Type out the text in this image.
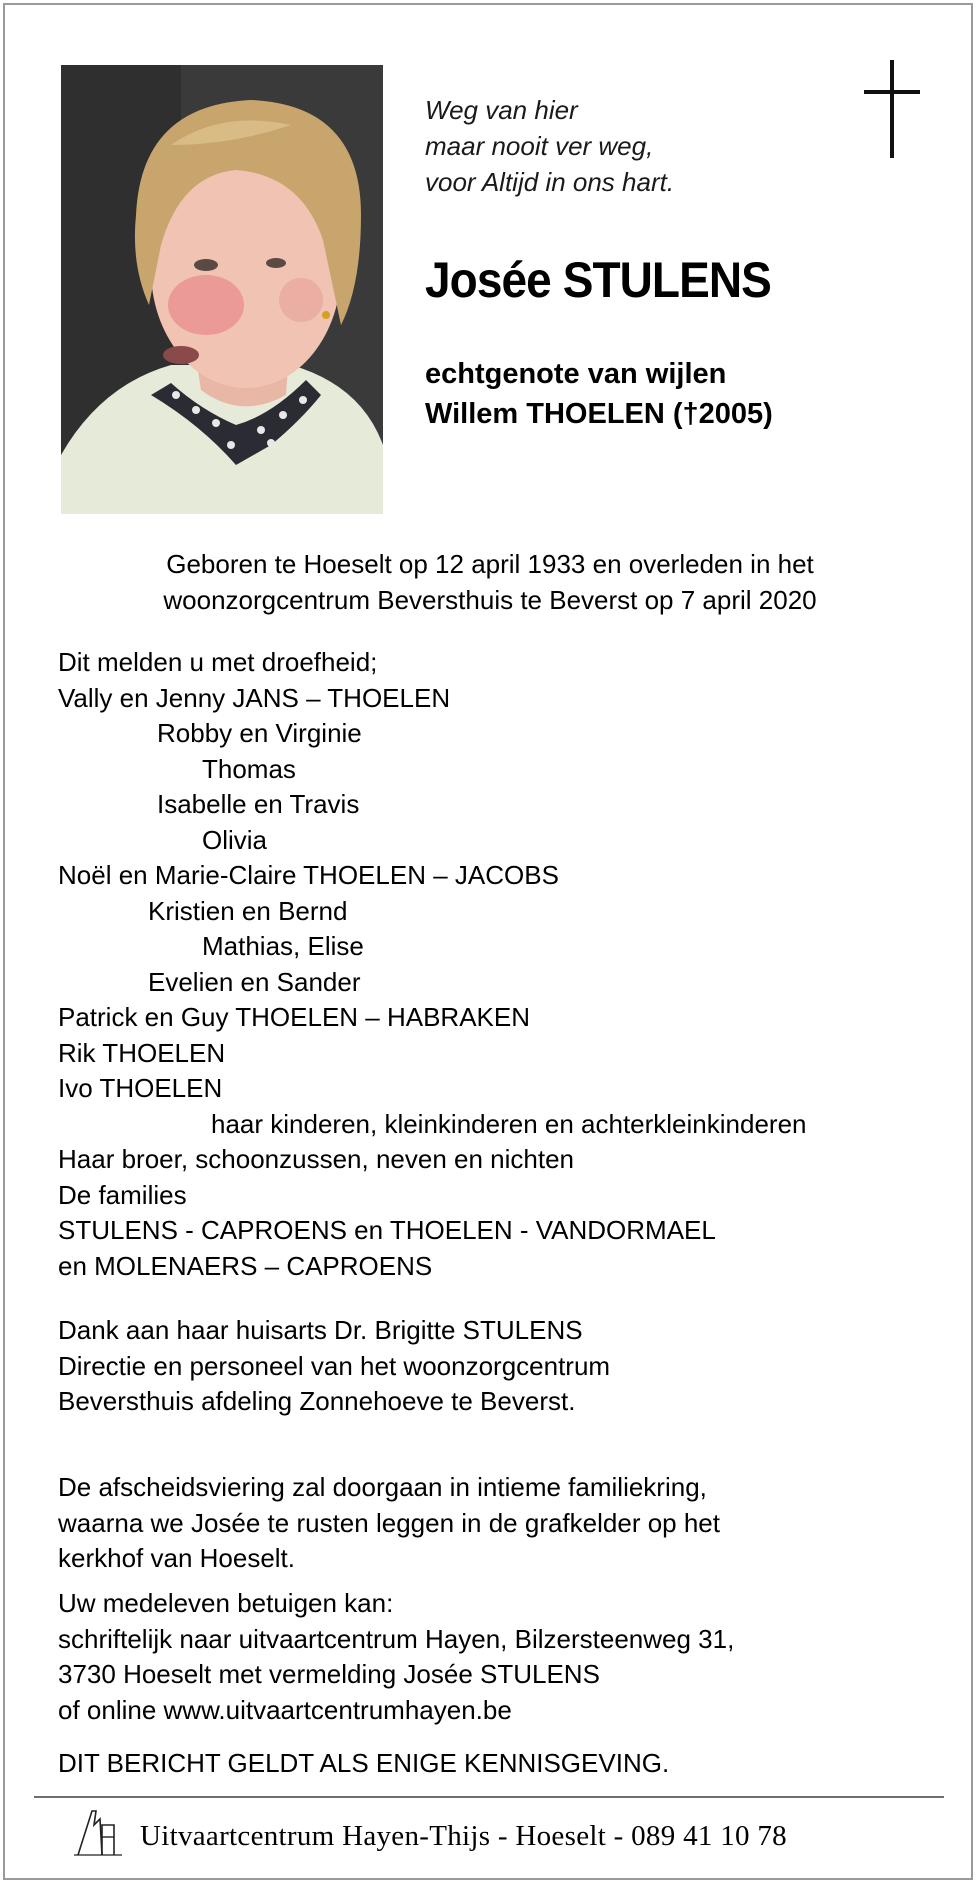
Weg van hier
maar nooit ver weg,
voor Altijd in ons hart.
Josée STULENS
echtgenote van wijlen
Willem THOELEN (†2005)
Geboren te Hoeselt op 12 april 1933 en overleden in het
woonzorgcentrum Beversthuis te Beverst op 7 april 2020
Dit melden u met droefheid;
Vally en Jenny JANS – THOELEN
Robby en Virginie
Thomas
Isabelle en Travis
Olivia
Noël en Marie-Claire THOELEN – JACOBS
Kristien en Bernd
Mathias, Elise
Evelien en Sander
Patrick en Guy THOELEN – HABRAKEN
Rik THOELEN
Ivo THOELEN
haar kinderen, kleinkinderen en achterkleinkinderen
Haar broer, schoonzussen, neven en nichten
De families
STULENS - CAPROENS en THOELEN - VANDORMAEL
en MOLENAERS – CAPROENS
Dank aan haar huisarts Dr. Brigitte STULENS
Directie en personeel van het woonzorgcentrum
Beversthuis afdeling Zonnehoeve te Beverst.
De afscheidsviering zal doorgaan in intieme familiekring,
waarna we Josée te rusten leggen in de grafkelder op het
kerkhof van Hoeselt.
Uw medeleven betuigen kan:
schriftelijk naar uitvaartcentrum Hayen, Bilzersteenweg 31,
3730 Hoeselt met vermelding Josée STULENS
of online www.uitvaartcentrumhayen.be
DIT BERICHT GELDT ALS ENIGE KENNISGEVING.
Uitvaartcentrum Hayen-Thijs - Hoeselt - 089 41 10 78
